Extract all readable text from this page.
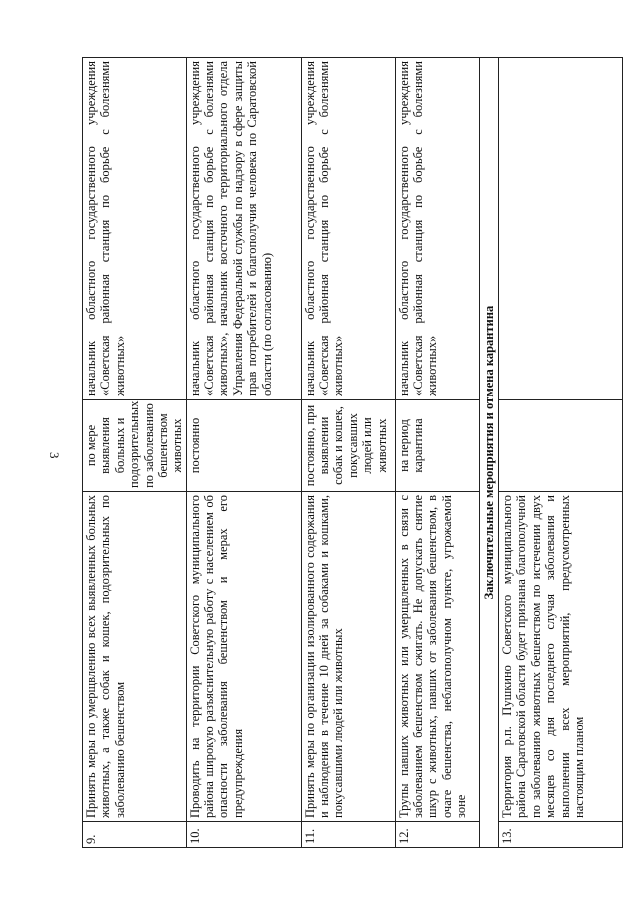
3
9.	Принять меры по умерщвлению всех выявленных больных животных, а также собак и кошек, подозрительных по заболеванию бешенством	по мере выявления больных и подозрительных по заболеванию бешенством животных	начальник областного государственного учреждения «Советская районная станция по борьбе с болезнями животных»
10.	Проводить на территории Советского муниципального района широкую разъяснительную работу с населением об опасности заболевания бешенством и мерах его предупреждения	постоянно	начальник областного государственного учреждения «Советская районная станция по борьбе с болезнями животных», начальник восточного территориального отдела Управления Федеральной службы по надзору в сфере защиты прав потребителей и благополучия человека по Саратовской области (по согласованию)
11.	Принять меры по организации изолированного содержания и наблюдения в течение 10 дней за собаками и кошками, покусавшими людей или животных	постоянно, при выявлении собак и кошек, покусавших людей или животных	начальник областного государственного учреждения «Советская районная станция по борьбе с болезнями животных»
12.	Трупы павших животных или умерщвленных в связи с заболеванием бешенством сжигать. Не допускать снятие шкур с животных, павших от заболевания бешенством, в очаге бешенства, неблагополучном пункте, угрожаемой зоне	на период карантина	начальник областного государственного учреждения «Советская районная станция по борьбе с болезнями животных»
Заключительные мероприятия и отмена карантина			
13.	Территория р.п. Пушкино Советского муниципального района Саратовской области будет признана благополучной по заболеванию животных бешенством по истечении двух месяцев со дня последнего случая заболевания и выполнении всех мероприятий, предусмотренных настоящим планом		
